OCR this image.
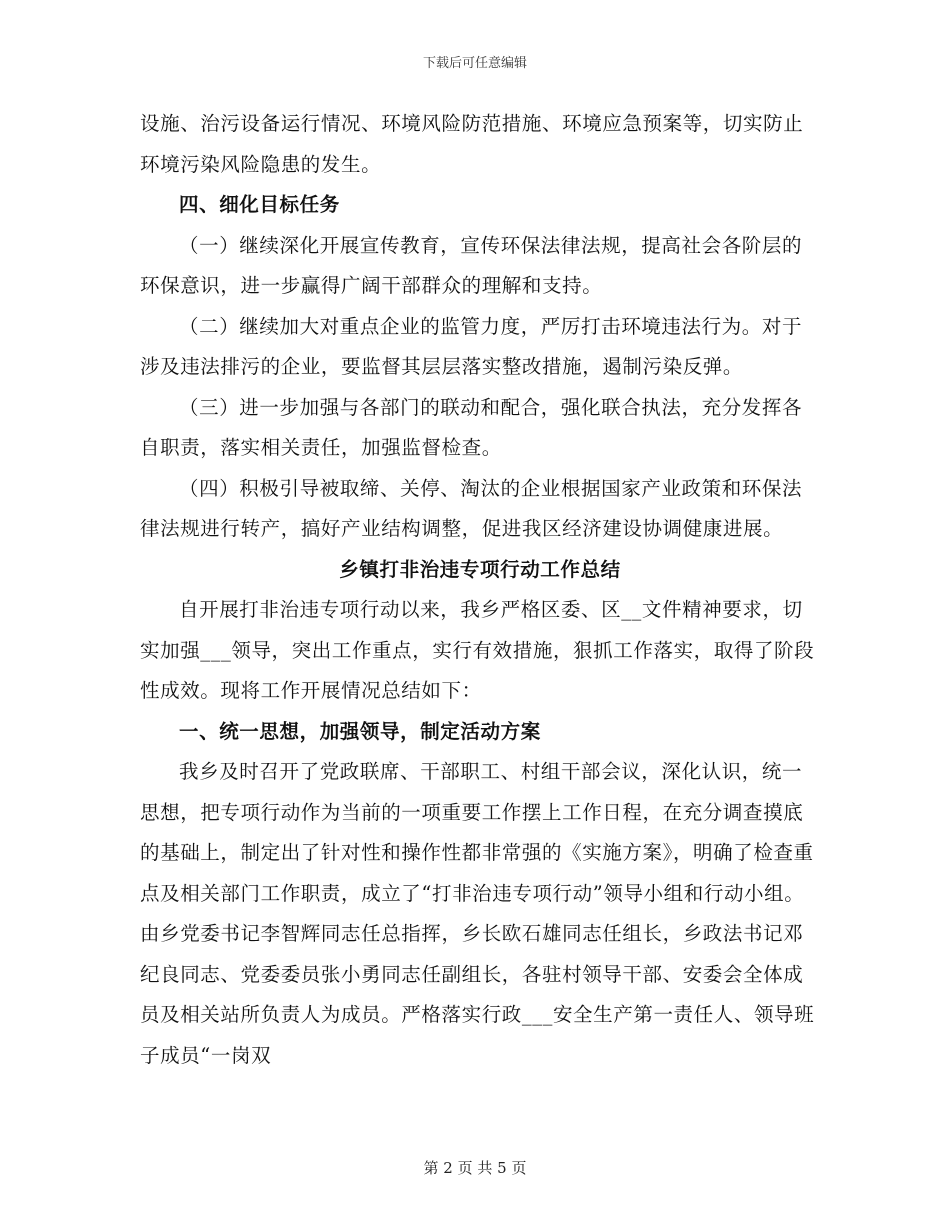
下载后可任意编辑

设施、治污设备运行情况、环境风险防范措施、环境应急预案等，切实防止环境污染风险隐患的发生。

四、细化目标任务

（一）继续深化开展宣传教育，宣传环保法律法规，提高社会各阶层的环保意识，进一步赢得广阔干部群众的理解和支持。

（二）继续加大对重点企业的监管力度，严厉打击环境违法行为。对于涉及违法排污的企业，要监督其层层落实整改措施，遏制污染反弹。

（三）进一步加强与各部门的联动和配合，强化联合执法，充分发挥各自职责，落实相关责任，加强监督检查。

（四）积极引导被取缔、关停、淘汰的企业根据国家产业政策和环保法律法规进行转产，搞好产业结构调整，促进我区经济建设协调健康进展。

乡镇打非治违专项行动工作总结

自开展打非治违专项行动以来，我乡严格区委、区__文件精神要求，切实加强___领导，突出工作重点，实行有效措施，狠抓工作落实，取得了阶段性成效。现将工作开展情况总结如下：

一、统一思想，加强领导，制定活动方案

我乡及时召开了党政联席、干部职工、村组干部会议，深化认识，统一思想，把专项行动作为当前的一项重要工作摆上工作日程，在充分调查摸底的基础上，制定出了针对性和操作性都非常强的《实施方案》，明确了检查重点及相关部门工作职责，成立了“打非治违专项行动”领导小组和行动小组。由乡党委书记李智辉同志任总指挥，乡长欧石雄同志任组长，乡政法书记邓纪良同志、党委委员张小勇同志任副组长，各驻村领导干部、安委会全体成员及相关站所负责人为成员。严格落实行政___安全生产第一责任人、领导班子成员“一岗双

第 2 页 共 5 页
